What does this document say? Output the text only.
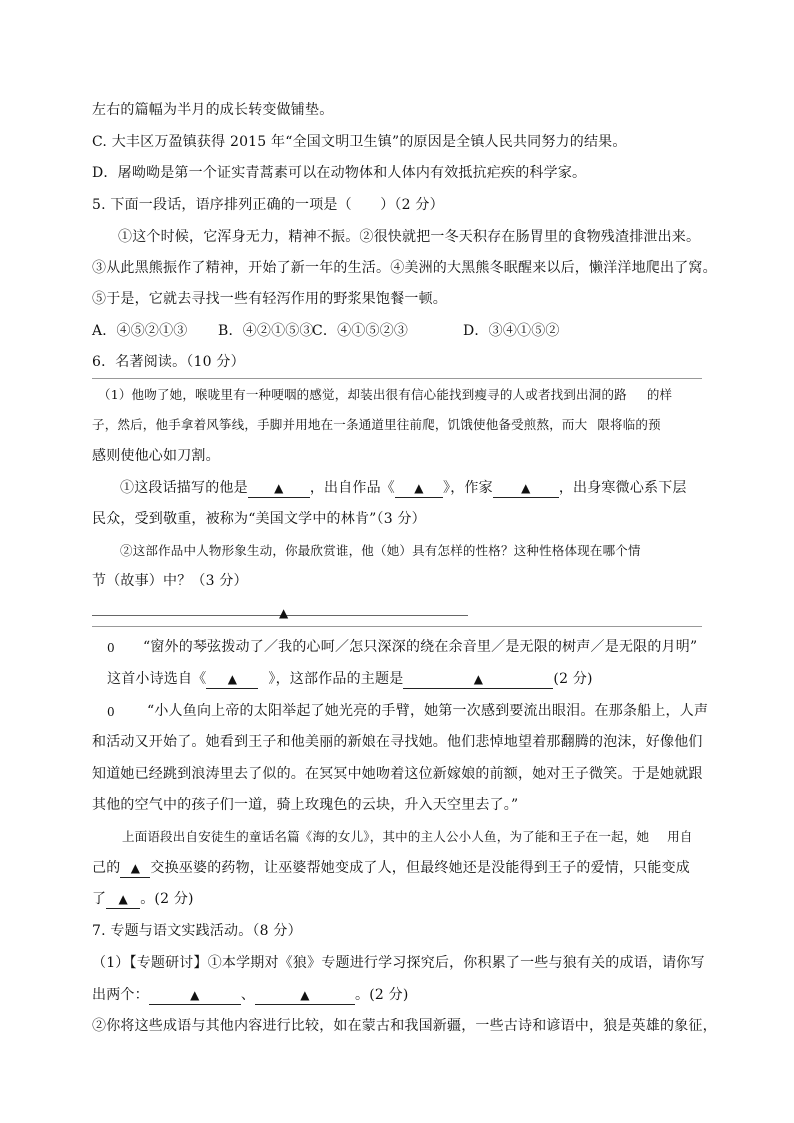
左右的篇幅为半月的成长转变做铺垫。
C. 大丰区万盈镇获得 2015 年“全国文明卫生镇”的原因是全镇人民共同努力的结果。
D．屠呦呦是第一个证实青蒿素可以在动物体和人体内有效抵抗疟疾的科学家。
5. 下面一段话，语序排列正确的一项是（　　）（2 分）
①这个时候，它浑身无力，精神不振。②很快就把一冬天积存在肠胃里的食物残渣排泄出来。
③从此黑熊振作了精神，开始了新一年的生活。④美洲的大黑熊冬眠醒来以后，懒洋洋地爬出了窝。
⑤于是，它就去寻找一些有轻泻作用的野浆果饱餐一顿。
A．④⑤②①③ B．④②①⑤③
C．④①⑤②③	D．③④①⑤②
6．名著阅读。（10 分）
（1）他吻了她，喉咙里有一种哽咽的感觉，却装出很有信心能找到瘦寻的人或者找到出洞的路 的样
子，然后，他手拿着风筝线，手脚并用地在一条通道里往前爬，饥饿使他备受煎熬，而大 限将临的预
感则使他心如刀割。
①这段话描写的他是 ▲ ，出自作品《 ▲ 》，作家 ▲ ，出身寒微心系下层
民众，受到敬重，被称为“美国文学中的林肯”（3 分）
②这部作品中人物形象生动，你最欣赏谁，他（她）具有怎样的性格？这种性格体现在哪个情
节（故事）中？（3 分）
▲
0 “窗外的琴弦拨动了／我的心呵／怎只深深的绕在余音里／是无限的树声／是无限的月明”
这首小诗选自《 ▲ 》，这部作品的主题是	▲	(2 分)
0 “小人鱼向上帝的太阳举起了她光亮的手臂，她第一次感到要流出眼泪。在那条船上，人声
和活动又开始了。她看到王子和他美丽的新娘在寻找她。他们悲悼地望着那翻腾的泡沫，好像他们
知道她已经跳到浪涛里去了似的。在冥冥中她吻着这位新嫁娘的前额，她对王子微笑。于是她就跟
其他的空气中的孩子们一道，骑上玫瑰色的云块，升入天空里去了。”
上面语段出自安徒生的童话名篇《海的女儿》，其中的主人公小人鱼，为了能和王子在一起，她 用自
己的 ▲ 交换巫婆的药物，让巫婆帮她变成了人，但最终她还是没能得到王子的爱情，只能变成
了 ▲ 。(2 分)
7. 专题与语文实践活动。（8 分）
（1）【专题研讨】①本学期对《狼》专题进行学习探究后，你积累了一些与狼有关的成语，请你写
出两个：	▲	、	▲	。(2 分)
②你将这些成语与其他内容进行比较，如在蒙古和我国新疆，一些古诗和谚语中，狼是英雄的象征，
